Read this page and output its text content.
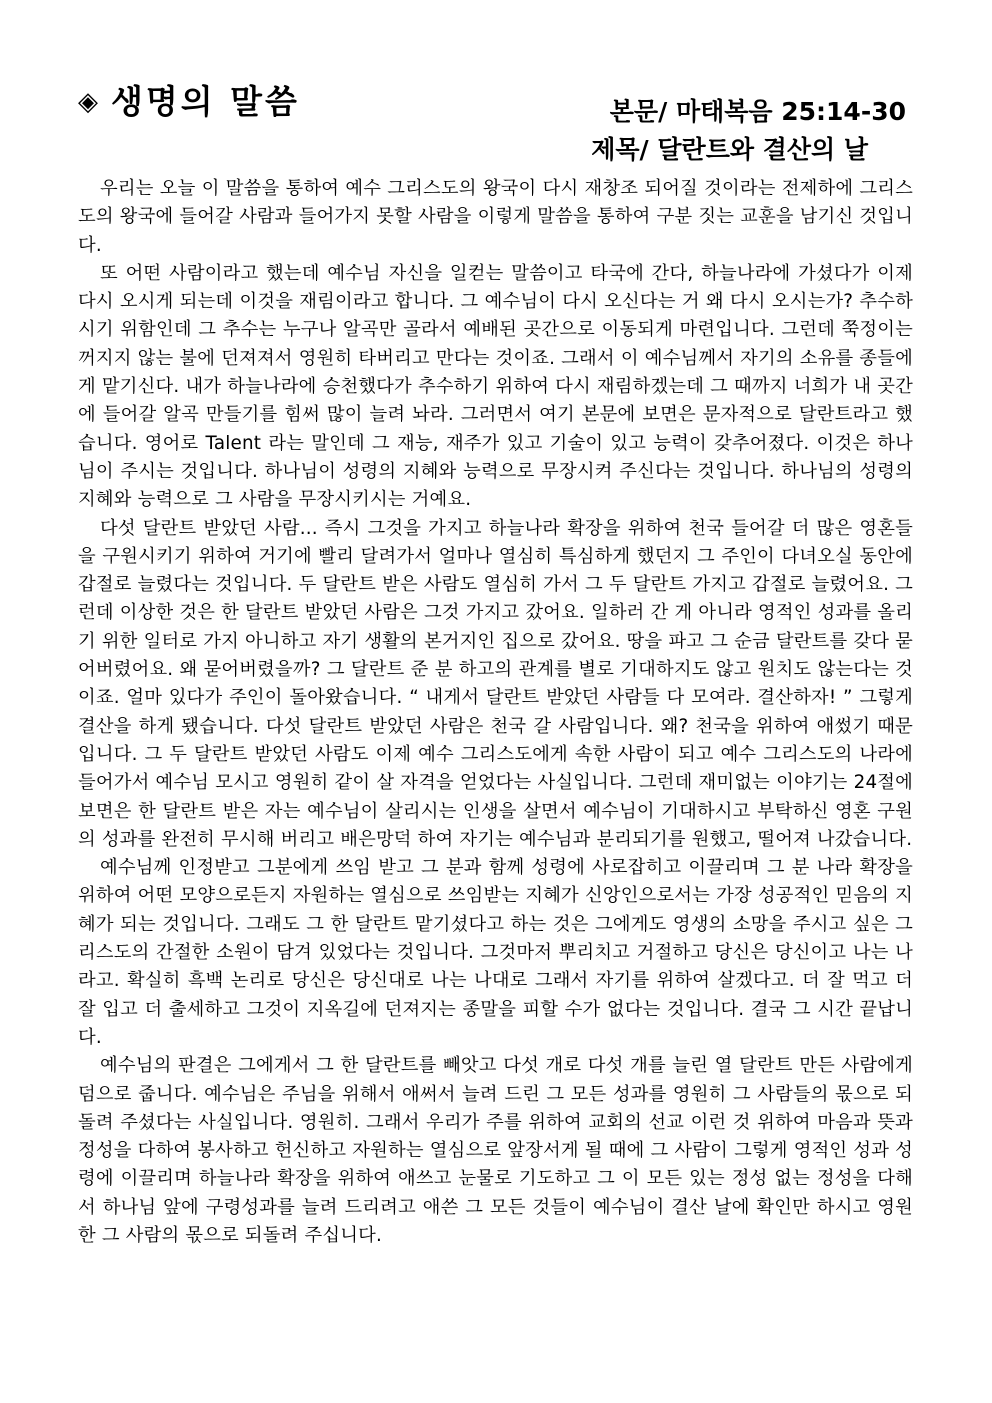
◈ 생명의 말씀	본문/ 마태복음 25:14-30
제목/ 달란트와 결산의 날

우리는 오늘 이 말씀을 통하여 예수 그리스도의 왕국이 다시 재창조 되어질 것이라는 전제하에 그리스도의 왕국에 들어갈 사람과 들어가지 못할 사람을 이렇게 말씀을 통하여 구분 짓는 교훈을 남기신 것입니다.

또 어떤 사람이라고 했는데 예수님 자신을 일컫는 말씀이고 타국에 간다, 하늘나라에 가셨다가 이제 다시 오시게 되는데 이것을 재림이라고 합니다. 그 예수님이 다시 오신다는 거 왜 다시 오시는가? 추수하시기 위함인데 그 추수는 누구나 알곡만 골라서 예배된 곳간으로 이동되게 마련입니다. 그런데 쭉정이는 꺼지지 않는 불에 던져져서 영원히 타버리고 만다는 것이죠. 그래서 이 예수님께서 자기의 소유를 종들에게 맡기신다. 내가 하늘나라에 승천했다가 추수하기 위하여 다시 재림하겠는데 그 때까지 너희가 내 곳간에 들어갈 알곡 만들기를 힘써 많이 늘려 놔라. 그러면서 여기 본문에 보면은 문자적으로 달란트라고 했습니다. 영어로 Talent 라는 말인데 그 재능, 재주가 있고 기술이 있고 능력이 갖추어졌다. 이것은 하나님이 주시는 것입니다. 하나님이 성령의 지혜와 능력으로 무장시켜 주신다는 것입니다. 하나님의 성령의 지혜와 능력으로 그 사람을 무장시키시는 거예요.

다섯 달란트 받았던 사람... 즉시 그것을 가지고 하늘나라 확장을 위하여 천국 들어갈 더 많은 영혼들을 구원시키기 위하여 거기에 빨리 달려가서 얼마나 열심히 특심하게 했던지 그 주인이 다녀오실 동안에 갑절로 늘렸다는 것입니다. 두 달란트 받은 사람도 열심히 가서 그 두 달란트 가지고 갑절로 늘렸어요. 그런데 이상한 것은 한 달란트 받았던 사람은 그것 가지고 갔어요. 일하러 간 게 아니라 영적인 성과를 올리기 위한 일터로 가지 아니하고 자기 생활의 본거지인 집으로 갔어요. 땅을 파고 그 순금 달란트를 갖다 묻어버렸어요. 왜 묻어버렸을까? 그 달란트 준 분 하고의 관계를 별로 기대하지도 않고 원치도 않는다는 것이죠. 얼마 있다가 주인이 돌아왔습니다. “ 내게서 달란트 받았던 사람들 다 모여라. 결산하자! ” 그렇게 결산을 하게 됐습니다. 다섯 달란트 받았던 사람은 천국 갈 사람입니다. 왜? 천국을 위하여 애썼기 때문입니다. 그 두 달란트 받았던 사람도 이제 예수 그리스도에게 속한 사람이 되고 예수 그리스도의 나라에 들어가서 예수님 모시고 영원히 같이 살 자격을 얻었다는 사실입니다. 그런데 재미없는 이야기는 24절에 보면은 한 달란트 받은 자는 예수님이 살리시는 인생을 살면서 예수님이 기대하시고 부탁하신 영혼 구원의 성과를 완전히 무시해 버리고 배은망덕 하여 자기는 예수님과 분리되기를 원했고, 떨어져 나갔습니다.

예수님께 인정받고 그분에게 쓰임 받고 그 분과 함께 성령에 사로잡히고 이끌리며 그 분 나라 확장을 위하여 어떤 모양으로든지 자원하는 열심으로 쓰임받는 지혜가 신앙인으로서는 가장 성공적인 믿음의 지혜가 되는 것입니다. 그래도 그 한 달란트 맡기셨다고 하는 것은 그에게도 영생의 소망을 주시고 싶은 그리스도의 간절한 소원이 담겨 있었다는 것입니다. 그것마저 뿌리치고 거절하고 당신은 당신이고 나는 나라고. 확실히 흑백 논리로 당신은 당신대로 나는 나대로 그래서 자기를 위하여 살겠다고. 더 잘 먹고 더 잘 입고 더 출세하고 그것이 지옥길에 던져지는 종말을 피할 수가 없다는 것입니다. 결국 그 시간 끝납니다.

예수님의 판결은 그에게서 그 한 달란트를 빼앗고 다섯 개로 다섯 개를 늘린 열 달란트 만든 사람에게 덤으로 줍니다. 예수님은 주님을 위해서 애써서 늘려 드린 그 모든 성과를 영원히 그 사람들의 몫으로 되돌려 주셨다는 사실입니다. 영원히. 그래서 우리가 주를 위하여 교회의 선교 이런 것 위하여 마음과 뜻과 정성을 다하여 봉사하고 헌신하고 자원하는 열심으로 앞장서게 될 때에 그 사람이 그렇게 영적인 성과 성령에 이끌리며 하늘나라 확장을 위하여 애쓰고 눈물로 기도하고 그 이 모든 있는 정성 없는 정성을 다해서 하나님 앞에 구령성과를 늘려 드리려고 애쓴 그 모든 것들이 예수님이 결산 날에 확인만 하시고 영원한 그 사람의 몫으로 되돌려 주십니다.
